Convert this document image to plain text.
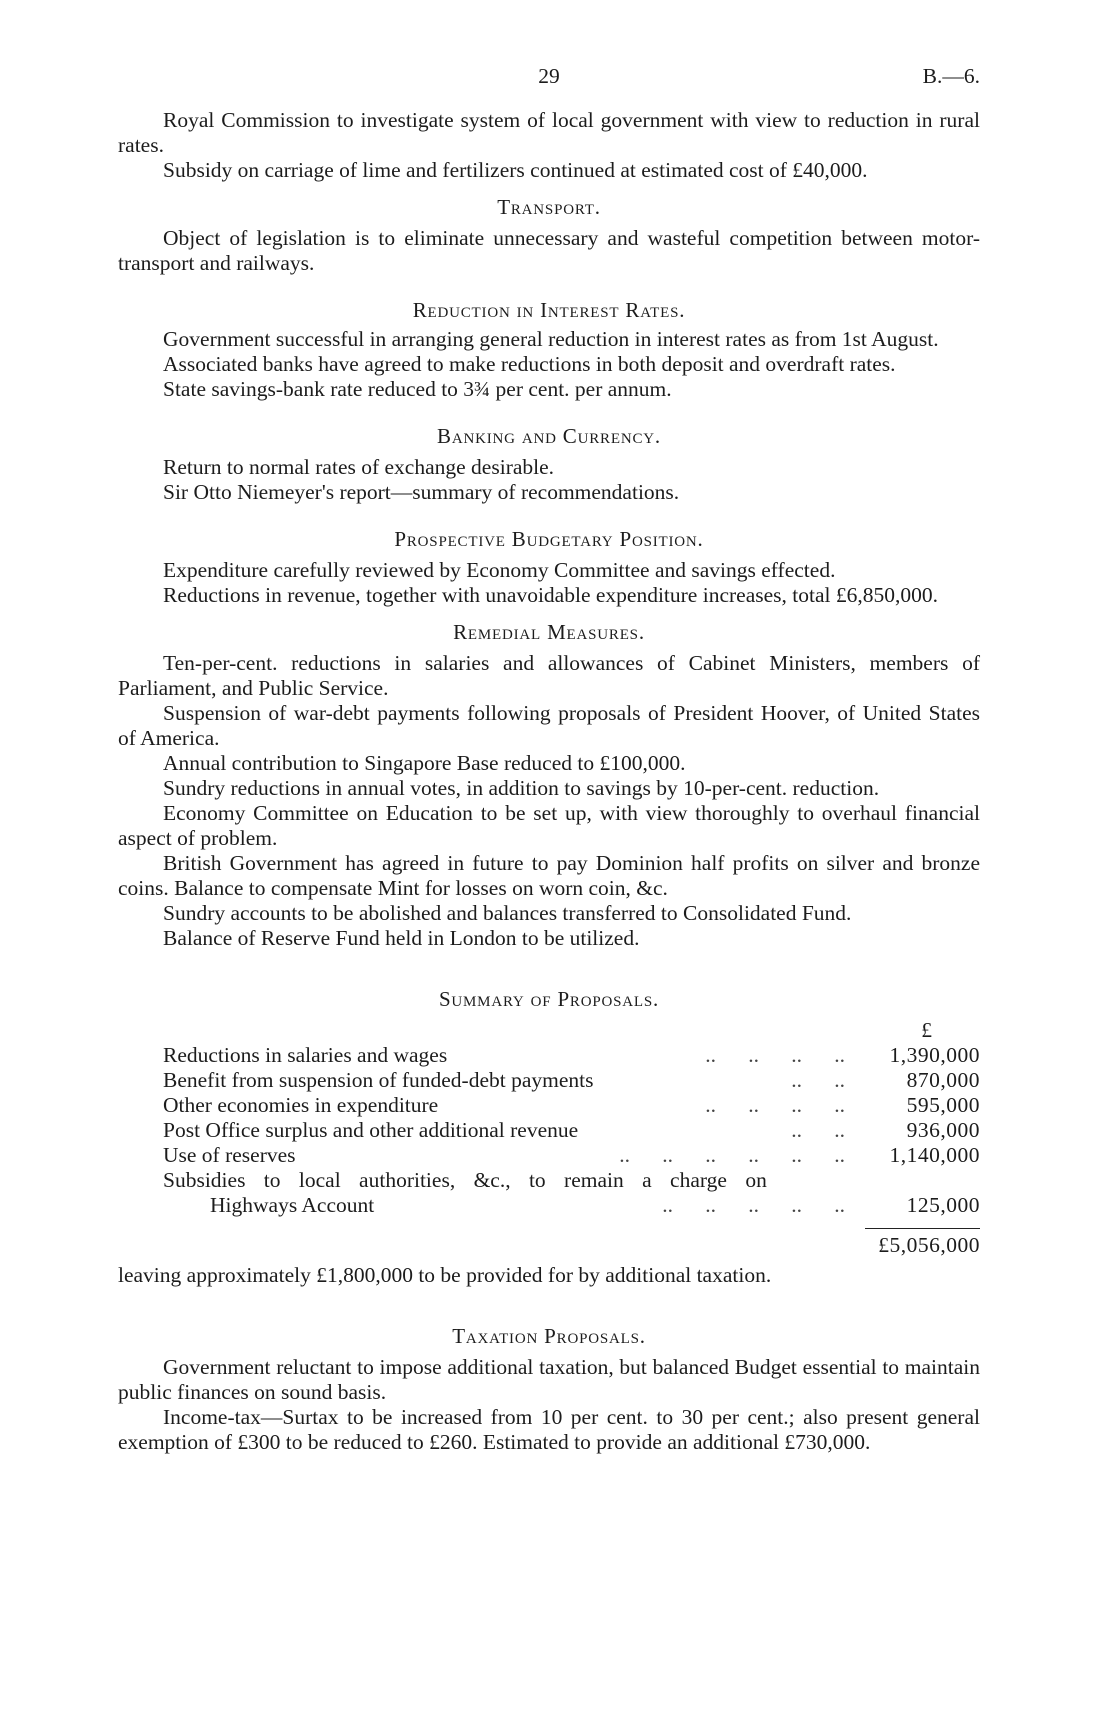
29	B.—6.

Royal Commission to investigate system of local government with view to reduction in rural rates.

Subsidy on carriage of lime and fertilizers continued at estimated cost of £40,000.

Transport.

Object of legislation is to eliminate unnecessary and wasteful competition between motor-transport and railways.

Reduction in Interest Rates.

Government successful in arranging general reduction in interest rates as from 1st August.

Associated banks have agreed to make reductions in both deposit and overdraft rates.

State savings-bank rate reduced to 3¾ per cent. per annum.

Banking and Currency.

Return to normal rates of exchange desirable.

Sir Otto Niemeyer's report—summary of recommendations.

Prospective Budgetary Position.

Expenditure carefully reviewed by Economy Committee and savings effected.

Reductions in revenue, together with unavoidable expenditure increases, total £6,850,000.

Remedial Measures.

Ten-per-cent. reductions in salaries and allowances of Cabinet Ministers, members of Parliament, and Public Service.

Suspension of war-debt payments following proposals of President Hoover, of United States of America.

Annual contribution to Singapore Base reduced to £100,000.

Sundry reductions in annual votes, in addition to savings by 10-per-cent. reduction.

Economy Committee on Education to be set up, with view thoroughly to overhaul financial aspect of problem.

British Government has agreed in future to pay Dominion half profits on silver and bronze coins. Balance to compensate Mint for losses on worn coin, &c.

Sundry accounts to be abolished and balances transferred to Consolidated Fund.

Balance of Reserve Fund held in London to be utilized.

Summary of Proposals.
£
Reductions in salaries and wages	..      ..      ..      ..	1,390,000
Benefit from suspension of funded-debt payments	..      ..	870,000
Other economies in expenditure	..      ..      ..      ..	595,000
Post Office surplus and other additional revenue	..      ..	936,000
Use of reserves	..      ..      ..      ..      ..      ..	1,140,000
Subsidies to local authorities, &c., to remain a charge on
Highways Account	..      ..      ..      ..      ..	125,000
£5,056,000

leaving approximately £1,800,000 to be provided for by additional taxation.

Taxation Proposals.

Government reluctant to impose additional taxation, but balanced Budget essential to maintain public finances on sound basis.

Income-tax—Surtax to be increased from 10 per cent. to 30 per cent.; also present general exemption of £300 to be reduced to £260. Estimated to provide an additional £730,000.
